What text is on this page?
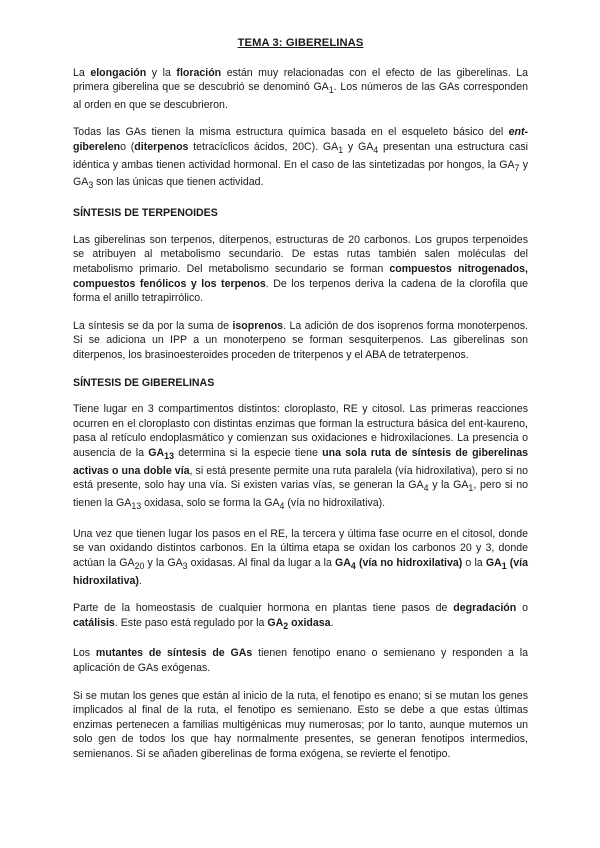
TEMA 3: GIBERELINAS

La elongación y la floración están muy relacionadas con el efecto de las giberelinas. La primera giberelina que se descubrió se denominó $GA_1$. Los números de las GAs corresponden al orden en que se descubrieron.

Todas las GAs tienen la misma estructura química basada en el esqueleto básico del ent-gibereleno (diterpenos tetracíclicos ácidos, 20C). $GA_1$ y $GA_4$ presentan una estructura casi idéntica y ambas tienen actividad hormonal. En el caso de las sintetizadas por hongos, la $GA_7$ y $GA_3$ son las únicas que tienen actividad.

SÍNTESIS DE TERPENOIDES

Las giberelinas son terpenos, diterpenos, estructuras de 20 carbonos. Los grupos terpenoides se atribuyen al metabolismo secundario. De estas rutas también salen moléculas del metabolismo primario. Del metabolismo secundario se forman compuestos nitrogenados, compuestos fenólicos y los terpenos. De los terpenos deriva la cadena de la clorofila que forma el anillo tetrapirrólico.

La síntesis se da por la suma de isoprenos. La adición de dos isoprenos forma monoterpenos. Si se adiciona un IPP a un monoterpeno se forman sesquiterpenos. Las giberelinas son diterpenos, los brasinoesteroides proceden de triterpenos y el ABA de tetraterpenos.

SÍNTESIS DE GIBERELINAS

Tiene lugar en 3 compartimentos distintos: cloroplasto, RE y citosol. Las primeras reacciones ocurren en el cloroplasto con distintas enzimas que forman la estructura básica del ent-kaureno, pasa al retículo endoplasmático y comienzan sus oxidaciones e hidroxilaciones. La presencia o ausencia de la $GA_{13}$ determina si la especie tiene una sola ruta de síntesis de giberelinas activas o una doble vía, si está presente permite una ruta paralela (vía hidroxilativa), pero si no está presente, solo hay una vía. Si existen varias vías, se generan la $GA_4$ y la $GA_1$, pero si no tienen la $GA_{13}$ oxidasa, solo se forma la $GA_4$ (vía no hidroxilativa).

Una vez que tienen lugar los pasos en el RE, la tercera y última fase ocurre en el citosol, donde se van oxidando distintos carbonos. En la última etapa se oxidan los carbonos 20 y 3, donde actúan la $GA_{20}$ y la $GA_3$ oxidasas. Al final da lugar a la $GA_4$ (vía no hidroxilativa) o la $GA_1$ (vía hidroxilativa).

Parte de la homeostasis de cualquier hormona en plantas tiene pasos de degradación o catálisis. Este paso está regulado por la $GA_2$ oxidasa.

Los mutantes de síntesis de GAs tienen fenotipo enano o semienano y responden a la aplicación de GAs exógenas.

Si se mutan los genes que están al inicio de la ruta, el fenotipo es enano; si se mutan los genes implicados al final de la ruta, el fenotipo es semienano. Esto se debe a que estas últimas enzimas pertenecen a familias multigénicas muy numerosas; por lo tanto, aunque mutemos un solo gen de todos los que hay normalmente presentes, se generan fenotipos intermedios, semienanos. Si se añaden giberelinas de forma exógena, se revierte el fenotipo.
